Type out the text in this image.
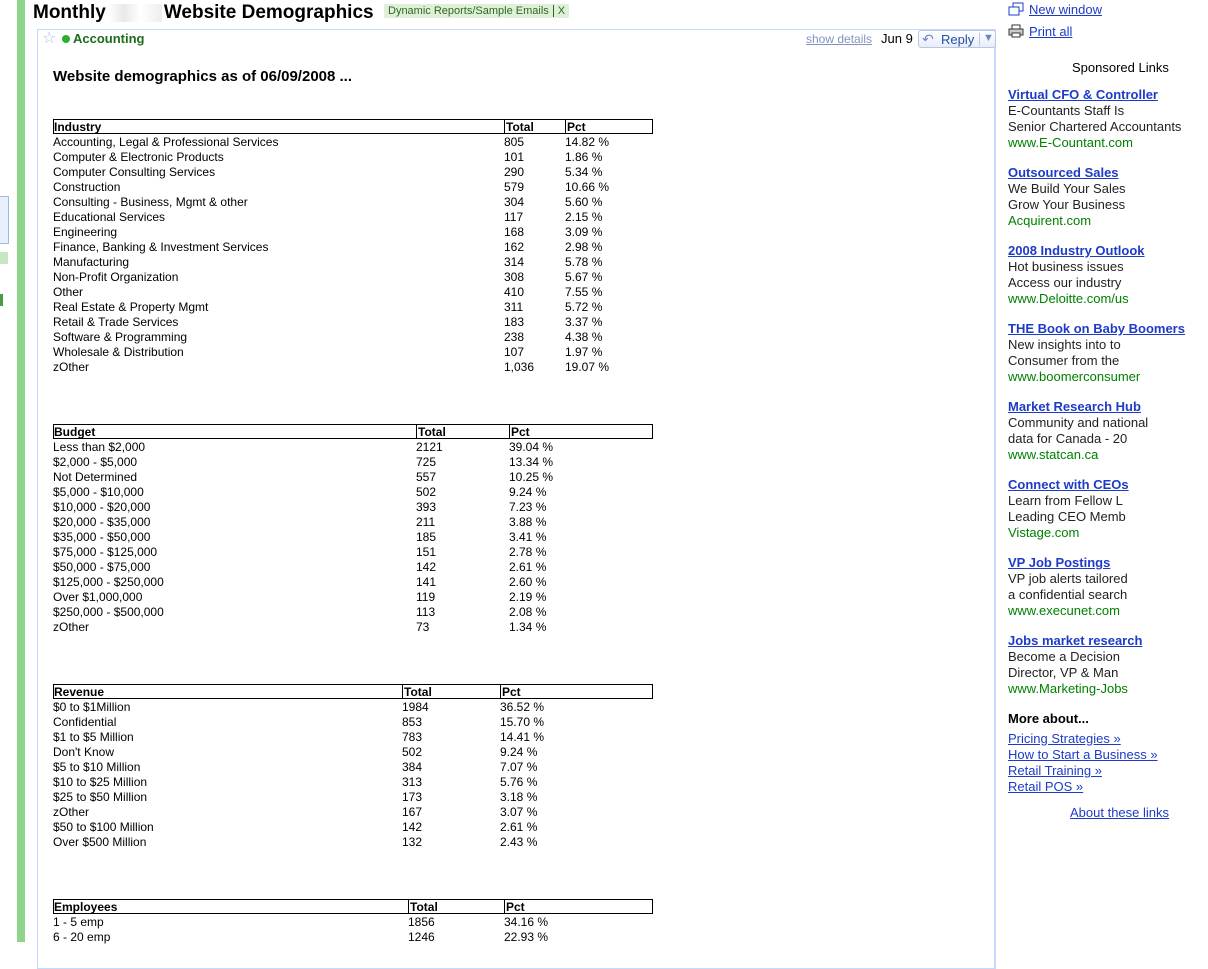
Monthly	Website Demographics	Dynamic Reports/Sample Emails X
☆ Accounting	show details Jun 9 ↶ Reply ▼
Website demographics as of 06/09/2008 ...
Industry	Total	Pct
Accounting, Legal & Professional Services	805	14.82 %
Computer & Electronic Products	101	1.86 %
Computer Consulting Services	290	5.34 %
Construction	579	10.66 %
Consulting - Business, Mgmt & other	304	5.60 %
Educational Services	117	2.15 %
Engineering	168	3.09 %
Finance, Banking & Investment Services	162	2.98 %
Manufacturing	314	5.78 %
Non-Profit Organization	308	5.67 %
Other	410	7.55 %
Real Estate & Property Mgmt	311	5.72 %
Retail & Trade Services	183	3.37 %
Software & Programming	238	4.38 %
Wholesale & Distribution	107	1.97 %
zOther	1,036	19.07 %
Budget	Total	Pct
Less than $2,000	2121	39.04 %
$2,000 - $5,000	725	13.34 %
Not Determined	557	10.25 %
$5,000 - $10,000	502	9.24 %
$10,000 - $20,000	393	7.23 %
$20,000 - $35,000	211	3.88 %
$35,000 - $50,000	185	3.41 %
$75,000 - $125,000	151	2.78 %
$50,000 - $75,000	142	2.61 %
$125,000 - $250,000	141	2.60 %
Over $1,000,000	119	2.19 %
$250,000 - $500,000	113	2.08 %
zOther	73	1.34 %
Revenue	Total	Pct
$0 to $1Million	1984	36.52 %
Confidential	853	15.70 %
$1 to $5 Million	783	14.41 %
Don't Know	502	9.24 %
$5 to $10 Million	384	7.07 %
$10 to $25 Million	313	5.76 %
$25 to $50 Million	173	3.18 %
zOther	167	3.07 %
$50 to $100 Million	142	2.61 %
Over $500 Million	132	2.43 %
Employees	Total	Pct
1 - 5 emp	1856	34.16 %
6 - 20 emp	1246	22.93 %
New window
Print all
Sponsored Links
Virtual CFO & Controller
E-Countants Staff Is
Senior Chartered Accountants
www.E-Countant.com
Outsourced Sales
We Build Your Sales
Grow Your Business
Acquirent.com
2008 Industry Outlook
Hot business issues
Access our industry
www.Deloitte.com/us
THE Book on Baby Boomers
New insights into to
Consumer from the
www.boomerconsumer
Market Research Hub
Community and national
data for Canada - 20
www.statcan.ca
Connect with CEOs
Learn from Fellow L
Leading CEO Memb
Vistage.com
VP Job Postings
VP job alerts tailored
a confidential search
www.execunet.com
Jobs market research
Become a Decision
Director, VP & Man
www.Marketing-Jobs
More about...
Pricing Strategies »
How to Start a Business »
Retail Training »
Retail POS »
About these links
